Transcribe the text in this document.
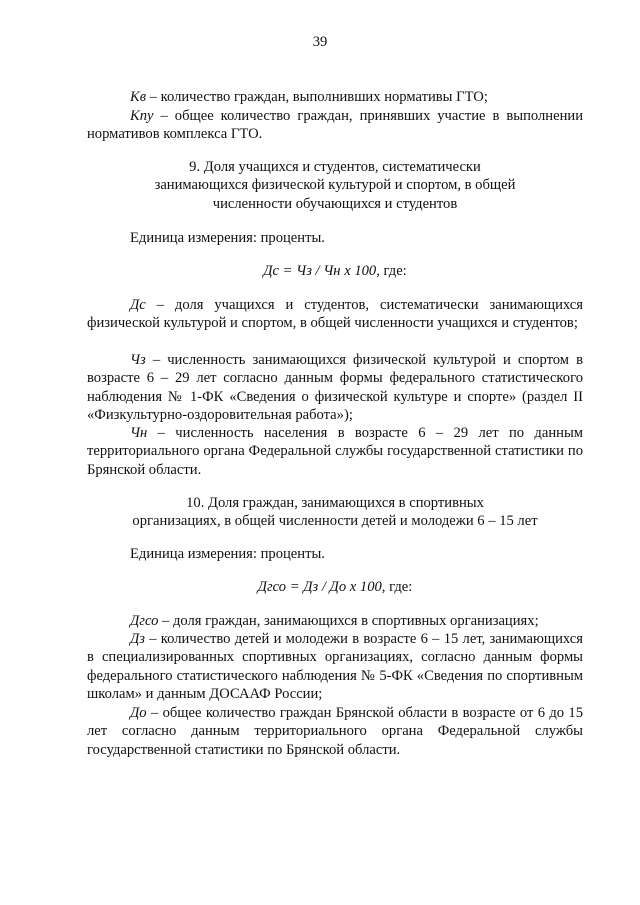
39

Кв – количество граждан, выполнивших нормативы ГТО;

Кпу – общее количество граждан, принявших участие в выполнении нормативов комплекса ГТО.

9. Доля учащихся и студентов, систематически

занимающихся физической культурой и спортом, в общей

численности обучающихся и студентов

Единица измерения: проценты.

Дс = Чз / Чн х 100, где:

Дс – доля учащихся и студентов, систематически занимающихся физической культурой и спортом, в общей численности учащихся и студентов;

Чз – численность занимающихся физической культурой и спортом в возрасте 6 – 29 лет согласно данным формы федерального статистического наблюдения № 1-ФК «Сведения о физической культуре и спорте» (раздел II «Физкультурно-оздоровительная работа»);

Чн – численность населения в возрасте 6 – 29 лет по данным территориального органа Федеральной службы государственной статистики по Брянской области.

10. Доля граждан, занимающихся в спортивных

организациях, в общей численности детей и молодежи 6 – 15 лет

Единица измерения: проценты.

Дгсо = Дз / До х 100, где:

Дгсо – доля граждан, занимающихся в спортивных организациях;

Дз – количество детей и молодежи в возрасте 6 – 15 лет, занимающихся в специализированных спортивных организациях, согласно данным формы федерального статистического наблюдения № 5-ФК «Сведения по спортивным школам» и данным ДОСААФ России;

До – общее количество граждан Брянской области в возрасте от 6 до 15 лет согласно данным территориального органа Федеральной службы государственной статистики по Брянской области.
